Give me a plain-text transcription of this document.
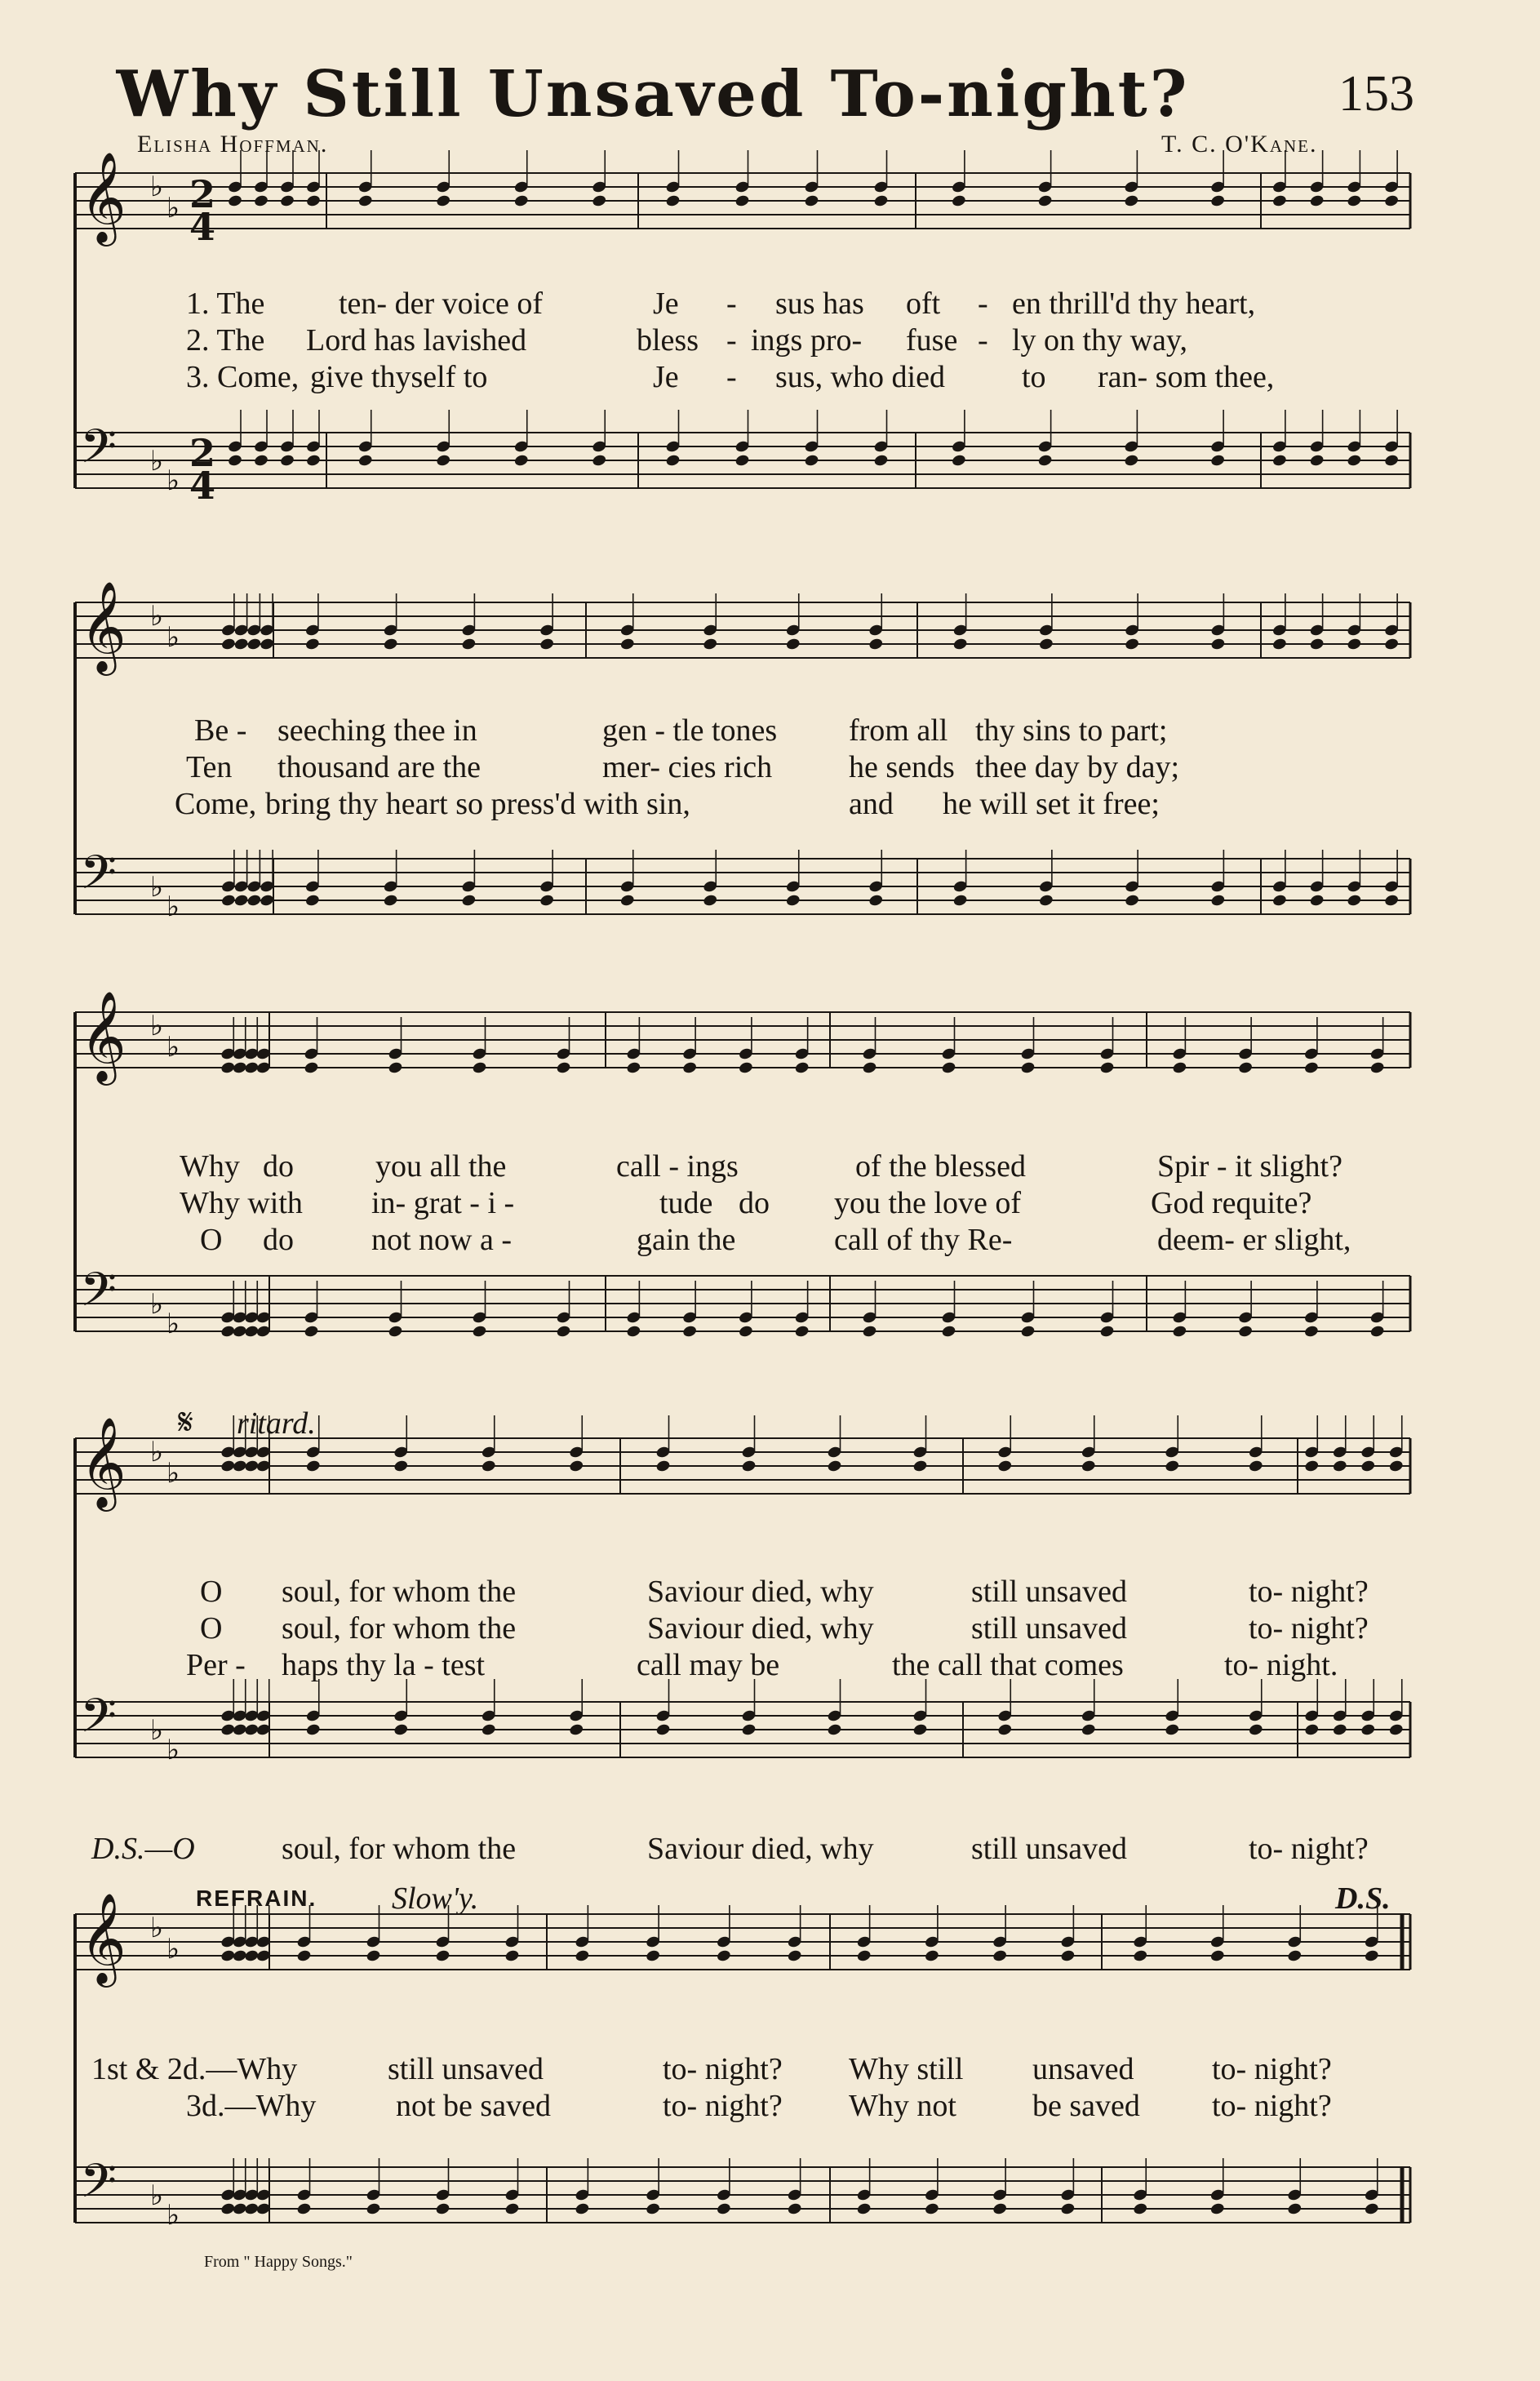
Why Still Unsaved To-night?	153
Elisha Hoffman.	T. C. O'Kane.
𝄞 ♭
♭
𝄢 ♭
♭
𝄞 ♭
♭
𝄢 ♭
♭
𝄞 ♭
♭
𝄢 ♭
♭
𝄞 ♭
♭
𝄢 ♭
♭
𝄞 ♭
♭
𝄢 ♭
♭
2
4
2
4
1. The ten- der voice of	Je - sus has oft - en thrill'd thy heart,
2. The Lord has lavished	bless - ings pro- fuse - ly on thy way,
3. Come, give thyself to	Je - sus, who died to ran- som thee,
Be - seeching thee in	gen - tle tones from all thy sins to part;
Ten thousand are the	mer- cies rich he sends thee day by day;
Come, bring thy heart so press'd with sin,	and he will set it free;
Why do	you all the	call - ings	of the blessed	Spir - it slight?
Why with in- grat - i -	tude do you the love of	God requite?
O do	not now a -	gain the	call of thy Re-	deem- er slight,
O soul, for whom the	Saviour died, why	still unsaved	to- night?
O soul, for whom the	Saviour died, why	still unsaved	to- night?
Per - haps thy la - test	call may be	the call that comes	to- night.
D.S.—O	soul, for whom the	Saviour died, why	still unsaved	to- night?
𝄋 ritard.
REFRAIN. Slow'y.	D.S.
1st & 2d.—Why	still unsaved	to- night? Why still unsaved	to- night?
3d.—Why	not be saved	to- night? Why not be saved to- night?
From " Happy Songs."
